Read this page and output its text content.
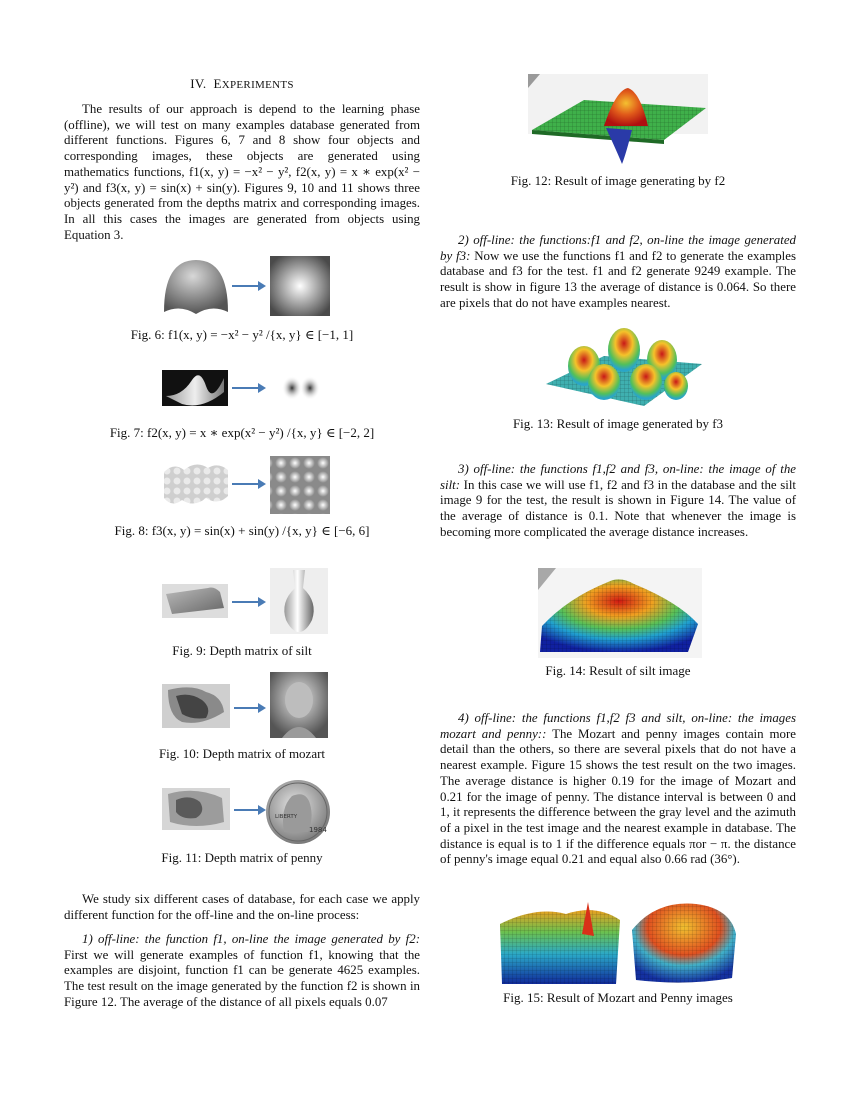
IV. EXPERIMENTS

The results of our approach is depend to the learning phase (offline), we will test on many examples database generated from different functions. Figures 6, 7 and 8 show four objects and corresponding images, these objects are generated using mathematics functions, f1(x, y) = −x² − y², f2(x, y) = x ∗ exp(x² − y²) and f3(x, y) = sin(x) + sin(y). Figures 9, 10 and 11 shows three objects generated from the depths matrix and corresponding images. In all this cases the images are generated from objects using Equation 3.

Fig. 6: f1(x, y) = −x² − y² /{x, y} ∈ [−1, 1]
Fig. 7: f2(x, y) = x ∗ exp(x² − y²) /{x, y} ∈ [−2, 2]
Fig. 8: f3(x, y) = sin(x) + sin(y) /{x, y} ∈ [−6, 6]
Fig. 9: Depth matrix of silt
Fig. 10: Depth matrix of mozart
LIBERTY
1984
Fig. 11: Depth matrix of penny

We study six different cases of database, for each case we apply different function for the off-line and the on-line process:

1) off-line: the function f1, on-line the image generated by f2: First we will generate examples of function f1, knowing that the examples are disjoint, function f1 can be generate 4625 examples. The test result on the image generated by the function f2 is shown in Figure 12. The average of the distance of all pixels equals 0.07

Fig. 12: Result of image generating by f2

2) off-line: the functions:f1 and f2, on-line the image generated by f3: Now we use the functions f1 and f2 to generate the examples database and f3 for the test. f1 and f2 generate 9249 example. The result is show in figure 13 the average of distance is 0.064. So there are pixels that do not have examples nearest.

Fig. 13: Result of image generated by f3

3) off-line: the functions f1,f2 and f3, on-line: the image of the silt: In this case we will use f1, f2 and f3 in the database and the silt image 9 for the test, the result is shown in Figure 14. The value of the average of distance is 0.1. Note that whenever the image is becoming more complicated the average distance increases.

Fig. 14: Result of silt image

4) off-line: the functions f1,f2 f3 and silt, on-line: the images mozart and penny:: The Mozart and penny images contain more detail than the others, so there are several pixels that do not have a nearest example. Figure 15 shows the test result on the two images. The average distance is higher 0.19 for the image of Mozart and 0.21 for the image of penny. The distance interval is between 0 and 1, it represents the difference between the gray level and the azimuth of a pixel in the test image and the nearest example in database. The distance is equal is to 1 if the difference equals πor − π. the distance of penny's image equal 0.21 and equal also 0.66 rad (36°).

Fig. 15: Result of Mozart and Penny images
